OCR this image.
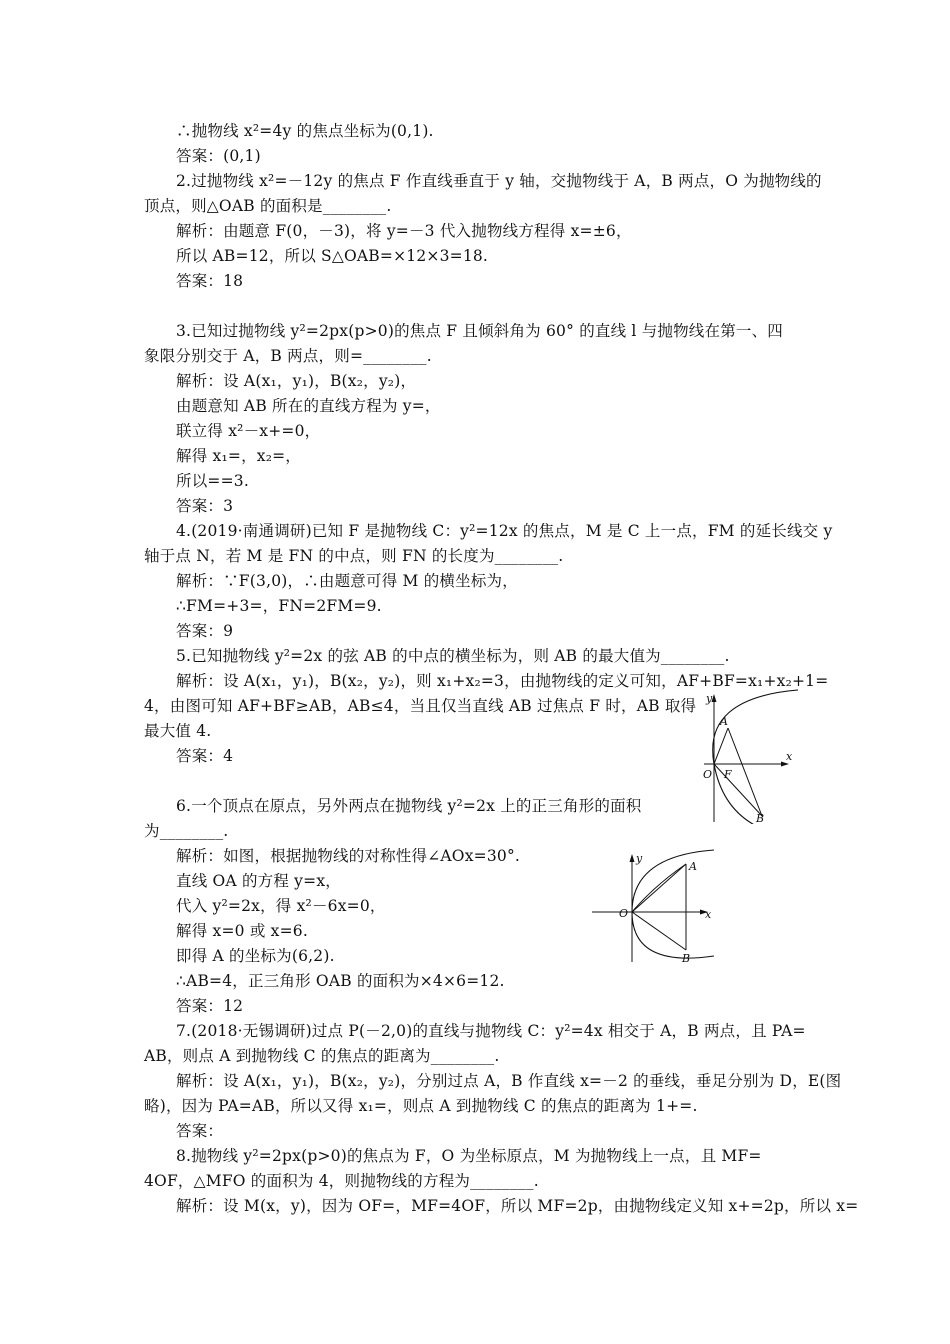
∴抛物线 x²=4y 的焦点坐标为(0,1).
答案：(0,1)
2.过抛物线 x²=－12y 的焦点 F 作直线垂直于 y 轴，交抛物线于 A，B 两点，O 为抛物线的
顶点，则△OAB 的面积是________.
解析：由题意 F(0，－3)，将 y=－3 代入抛物线方程得 x=±6，
所以 AB=12，所以 S△OAB=×12×3=18.
答案：18
3.已知过抛物线 y²=2px(p>0)的焦点 F 且倾斜角为 60° 的直线 l 与抛物线在第一、四
象限分别交于 A，B 两点，则=________.
解析：设 A(x₁，y₁)，B(x₂，y₂)，
由题意知 AB 所在的直线方程为 y=，
联立得 x²－x+=0，
解得 x₁=，x₂=，
所以==3.
答案：3
4.(2019·南通调研)已知 F 是抛物线 C：y²=12x 的焦点，M 是 C 上一点，FM 的延长线交 y
轴于点 N，若 M 是 FN 的中点，则 FN 的长度为________.
解析：∵F(3,0)，∴由题意可得 M 的横坐标为，
∴FM=+3=，FN=2FM=9.
答案：9
5.已知抛物线 y²=2x 的弦 AB 的中点的横坐标为，则 AB 的最大值为________.
解析：设 A(x₁，y₁)，B(x₂，y₂)，则 x₁+x₂=3，由抛物线的定义可知，AF+BF=x₁+x₂+1=
4，由图可知 AF+BF≥AB，AB≤4，当且仅当直线 AB 过焦点 F 时，AB 取得
最大值 4.
答案：4
6.一个顶点在原点，另外两点在抛物线 y²=2x 上的正三角形的面积
为________.
解析：如图，根据抛物线的对称性得∠AOx=30°.
直线 OA 的方程 y=x，
代入 y²=2x，得 x²－6x=0，
解得 x=0 或 x=6.
即得 A 的坐标为(6,2).
∴AB=4，正三角形 OAB 的面积为×4×6=12.
答案：12
7.(2018·无锡调研)过点 P(－2,0)的直线与抛物线 C：y²=4x 相交于 A，B 两点，且 PA=
AB，则点 A 到抛物线 C 的焦点的距离为________.
解析：设 A(x₁，y₁)，B(x₂，y₂)，分别过点 A，B 作直线 x=－2 的垂线，垂足分别为 D，E(图
略)，因为 PA=AB，所以又得 x₁=，则点 A 到抛物线 C 的焦点的距离为 1+=.
答案：
8.抛物线 y²=2px(p>0)的焦点为 F，O 为坐标原点，M 为抛物线上一点，且 MF=
4OF，△MFO 的面积为 4，则抛物线的方程为________.
解析：设 M(x，y)，因为 OF=，MF=4OF，所以 MF=2p，由抛物线定义知 x+=2p，所以 x=
y
x
O
A
B
F
y
x
O
A
B
